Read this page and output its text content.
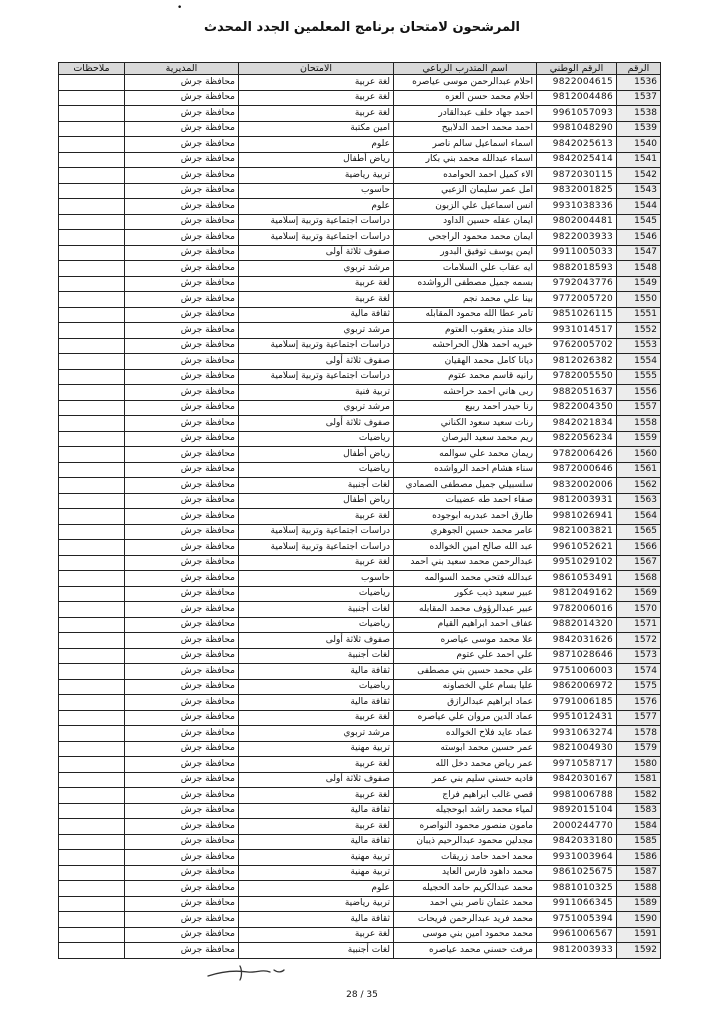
•
المرشحون لامتحان برنامج المعلمين الجدد المحدث
الرقم	الرقم الوطني	اسم المتدرب الرباعي	الامتحان	المديرية	ملاحظات
1536	9822004615	احلام عبدالرحمن موسى عياصره	لغة عربية	محافظة جرش	
1537	9812004486	احلام محمد حسن العزه	لغة عربية	محافظة جرش	
1538	9961057093	احمد جهاد خلف عبدالقادر	لغة عربية	محافظة جرش	
1539	9981048290	احمد محمد احمد الدلابيح	امين مكتبة	محافظة جرش	
1540	9842025613	اسماء اسماعيل سالم ناصر	علوم	محافظة جرش	
1541	9842025414	اسماء عبدالله محمد بني بكار	رياض أطفال	محافظة جرش	
1542	9872030115	الاء كميل احمد الحوامده	تربية رياضية	محافظة جرش	
1543	9832001825	امل عمر سليمان الزعبي	حاسوب	محافظة جرش	
1544	9931038336	انس اسماعيل علي الزبون	علوم	محافظة جرش	
1545	9802004481	ايمان عقله حسين الداود	دراسات اجتماعية وتربية إسلامية	محافظة جرش	
1546	9822003933	ايمان محمد محمود الراجحي	دراسات اجتماعية وتربية إسلامية	محافظة جرش	
1547	9911005033	ايمن يوسف توفيق البدور	صفوف ثلاثة أولى	محافظة جرش	
1548	9882018593	ايه عقاب علي السلامات	مرشد تربوي	محافظة جرش	
1549	9792043776	بسمه جميل مصطفى الرواشده	لغة عربية	محافظة جرش	
1550	9772005720	بينا علي محمد نجم	لغة عربية	محافظة جرش	
1551	9851026115	تامر عطا الله محمود المقابله	ثقافة مالية	محافظة جرش	
1552	9931014517	خالد منذر يعقوب العتوم	مرشد تربوي	محافظة جرش	
1553	9762005702	خيريه احمد هلال الحراحشه	دراسات اجتماعية وتربية إسلامية	محافظة جرش	
1554	9812026382	ديانا كامل محمد الهقيان	صفوف ثلاثة أولى	محافظة جرش	
1555	9782005550	رانيه قاسم محمد عتوم	دراسات اجتماعية وتربية إسلامية	محافظة جرش	
1556	9882051637	ربى هاني احمد حراحشه	تربية فنية	محافظة جرش	
1557	9822004350	رنا حيدر احمد ربيع	مرشد تربوي	محافظة جرش	
1558	9842021834	رنات سعيد سعود الكناني	صفوف ثلاثة أولى	محافظة جرش	
1559	9822056234	ريم محمد سعيد البرصان	رياضيات	محافظة جرش	
1560	9782006426	ريمان محمد علي سوالمه	رياض أطفال	محافظة جرش	
1561	9872000646	سناء هشام احمد الرواشده	رياضيات	محافظة جرش	
1562	9832002006	سلسبيلي جميل مصطفى الصمادي	لغات أجنبية	محافظة جرش	
1563	9812003931	صفاء احمد طه عضيبات	رياض أطفال	محافظة جرش	
1564	9981026941	طارق احمد عبدربه ابوجوده	لغة عربية	محافظة جرش	
1565	9821003821	عامر محمد حسين الجوهري	دراسات اجتماعية وتربية إسلامية	محافظة جرش	
1566	9961052621	عبد الله صالح امين الخوالده	دراسات اجتماعية وتربية إسلامية	محافظة جرش	
1567	9951029102	عبدالرحمن محمد سعيد بني احمد	لغة عربية	محافظة جرش	
1568	9861053491	عبدالله فتحي محمد السوالمه	حاسوب	محافظة جرش	
1569	9812049162	عبير سعيد ذيب عكور	رياضيات	محافظة جرش	
1570	9782006016	عبير عبدالرؤوف محمد المقابله	لغات أجنبية	محافظة جرش	
1571	9882014320	عفاف احمد ابراهيم القيام	رياضيات	محافظة جرش	
1572	9842031626	علا محمد موسى عياصره	صفوف ثلاثة أولى	محافظة جرش	
1573	9871028646	علي احمد علي عتوم	لغات أجنبية	محافظة جرش	
1574	9751006003	علي محمد حسين بني مصطفى	ثقافة مالية	محافظة جرش	
1575	9862006972	عليا بسام علي الخصاونه	رياضيات	محافظة جرش	
1576	9791006185	عماد ابراهيم عبدالرازق	ثقافة مالية	محافظة جرش	
1577	9951012431	عماد الدين مروان علي عياصره	لغة عربية	محافظة جرش	
1578	9931063274	عماد عايد فلاح الخوالده	مرشد تربوي	محافظة جرش	
1579	9821004930	عمر حسين محمد ابوسته	تربية مهنية	محافظة جرش	
1580	9971058717	عمر رياض محمد دخل الله	لغة عربية	محافظة جرش	
1581	9842030167	فاديه حسني سليم بني عمر	صفوف ثلاثة أولى	محافظة جرش	
1582	9981006788	قصي غالب ابراهيم فراج	لغة عربية	محافظة جرش	
1583	9892015104	لمياء محمد راشد ابوحجيله	ثقافة مالية	محافظة جرش	
1584	2000244770	مامون منصور محمود النواصره	لغة عربية	محافظة جرش	
1585	9842033180	مجدلين محمود عبدالرحيم ذيبان	ثقافة مالية	محافظة جرش	
1586	9931003964	محمد احمد حامد زريقات	تربية مهنية	محافظة جرش	
1587	9861025675	محمد داهود فارس العايد	تربية مهنية	محافظة جرش	
1588	9881010325	محمد عبدالكريم حامد الحجيله	علوم	محافظة جرش	
1589	9911066345	محمد عثمان ناصر بني احمد	تربية رياضية	محافظة جرش	
1590	9751005394	محمد فريد عبدالرحمن فريحات	ثقافة مالية	محافظة جرش	
1591	9961006567	محمد محمود امين بني موسى	لغة عربية	محافظة جرش	
1592	9812003933	مرفت حسني محمد عياصره	لغات أجنبية	محافظة جرش	
28 / 35
